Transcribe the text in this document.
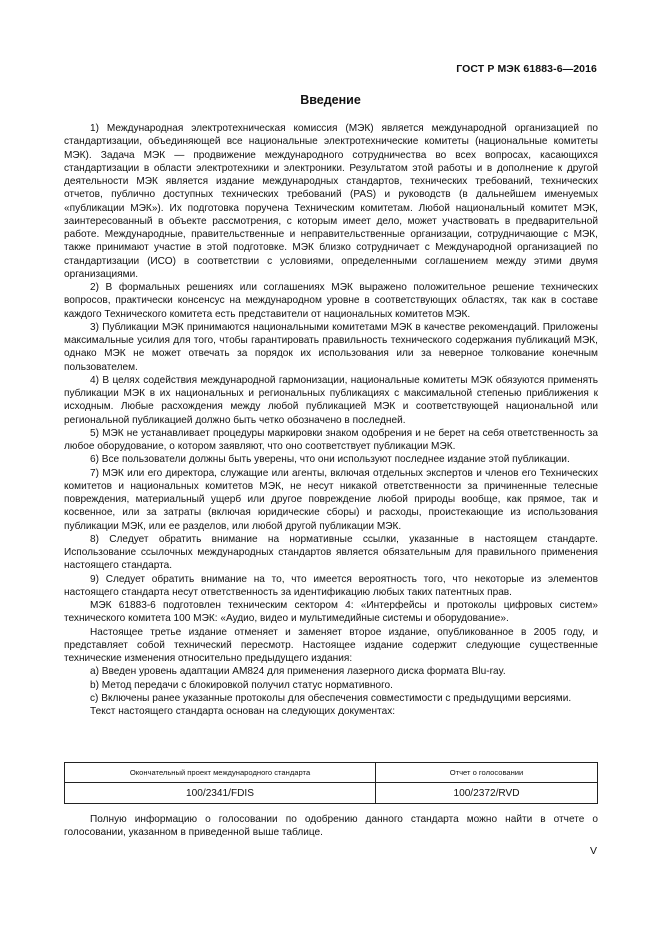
ГОСТ Р МЭК 61883-6—2016
Введение

1) Международная электротехническая комиссия (МЭК) является международной организацией по стандартизации, объединяющей все национальные электротехнические комитеты (национальные комитеты МЭК). Задача МЭК — продвижение международного сотрудничества во всех вопросах, касающихся стандартизации в области электротехники и электроники. Результатом этой работы и в дополнение к другой деятельности МЭК является издание международных стандартов, технических требований, технических отчетов, публично доступных технических требований (PAS) и руководств (в дальнейшем именуемых «публикации МЭК»). Их подготовка поручена Техническим комитетам. Любой национальный комитет МЭК, заинтересованный в объекте рассмотрения, с которым имеет дело, может участвовать в предварительной работе. Международные, правительственные и неправительственные организации, сотрудничающие с МЭК, также принимают участие в этой подготовке. МЭК близко сотрудничает с Международной организацией по стандартизации (ИСО) в соответствии с условиями, определенными соглашением между этими двумя организациями.

2) В формальных решениях или соглашениях МЭК выражено положительное решение технических вопросов, практически консенсус на международном уровне в соответствующих областях, так как в составе каждого Технического комитета есть представители от национальных комитетов МЭК.

3) Публикации МЭК принимаются национальными комитетами МЭК в качестве рекомендаций. Приложены максимальные усилия для того, чтобы гарантировать правильность технического содержания публикаций МЭК, однако МЭК не может отвечать за порядок их использования или за неверное толкование конечным пользователем.

4) В целях содействия международной гармонизации, национальные комитеты МЭК обязуются применять публикации МЭК в их национальных и региональных публикациях с максимальной степенью приближения к исходным. Любые расхождения между любой публикацией МЭК и соответствующей национальной или региональной публикацией должно быть четко обозначено в последней.

5) МЭК не устанавливает процедуры маркировки знаком одобрения и не берет на себя ответственность за любое оборудование, о котором заявляют, что оно соответствует публикации МЭК.

6) Все пользователи должны быть уверены, что они используют последнее издание этой публикации.

7) МЭК или его директора, служащие или агенты, включая отдельных экспертов и членов его Технических комитетов и национальных комитетов МЭК, не несут никакой ответственности за причиненные телесные повреждения, материальный ущерб или другое повреждение любой природы вообще, как прямое, так и косвенное, или за затраты (включая юридические сборы) и расходы, проистекающие из использования публикации МЭК, или ее разделов, или любой другой публикации МЭК.

8) Следует обратить внимание на нормативные ссылки, указанные в настоящем стандарте. Использование ссылочных международных стандартов является обязательным для правильного применения настоящего стандарта.

9) Следует обратить внимание на то, что имеется вероятность того, что некоторые из элементов настоящего стандарта несут ответственность за идентификацию любых таких патентных прав.

МЭК 61883-6 подготовлен техническим сектором 4: «Интерфейсы и протоколы цифровых систем» технического комитета 100 МЭК: «Аудио, видео и мультимедийные системы и оборудование».

Настоящее третье издание отменяет и заменяет второе издание, опубликованное в 2005 году, и представляет собой технический пересмотр. Настоящее издание содержит следующие существенные технические изменения относительно предыдущего издания:

a) Введен уровень адаптации AM824 для применения лазерного диска формата Blu-ray.

b) Метод передачи с блокировкой получил статус нормативного.

c) Включены ранее указанные протоколы для обеспечения совместимости с предыдущими версиями.

Текст настоящего стандарта основан на следующих документах:

Окончательный проект международного стандарта	Отчет о голосовании
100/2341/FDIS	100/2372/RVD

Полную информацию о голосовании по одобрению данного стандарта можно найти в отчете о голосовании, указанном в приведенной выше таблице.

V
